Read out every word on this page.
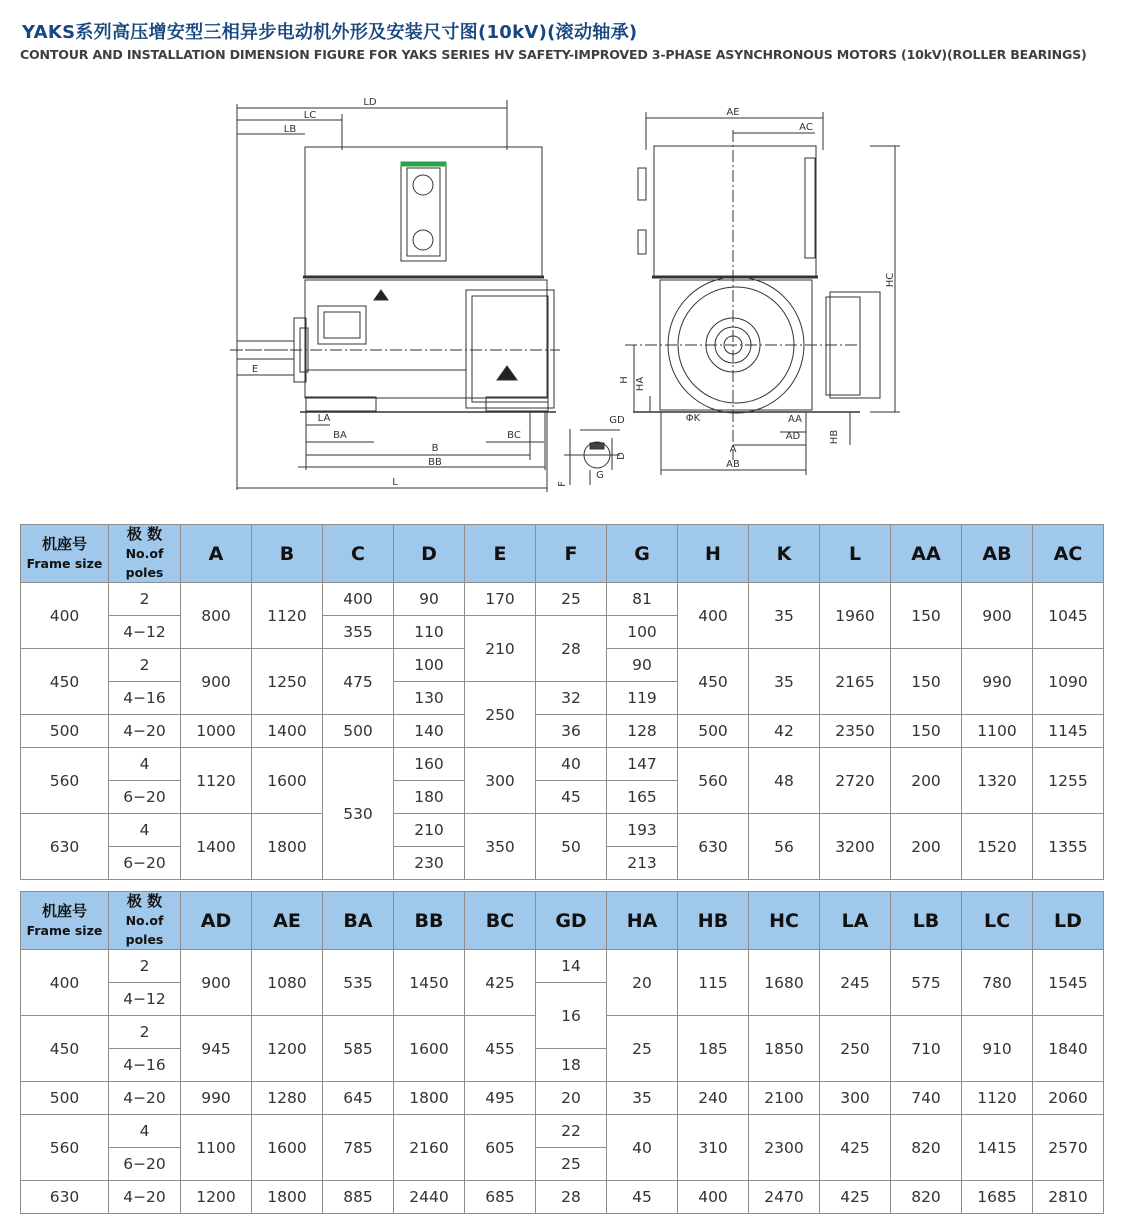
YAKS系列高压增安型三相异步电动机外形及安装尺寸图(10kV)(滚动轴承)
CONTOUR AND INSTALLATION DIMENSION FIGURE FOR YAKS SERIES HV SAFETY-IMPROVED 3-PHASE ASYNCHRONOUS MOTORS (10kV)(ROLLER BEARINGS)
LD
LC
LB
E
LA
BA
B
BB
BC
L
AE
AC
HC
H HA
ΦK	AA
AD	HB
A
AB
GD
D
G
F
机座号
Frame size	极 数
No.of poles	A	B	C	D	E	F	G	H	K	L	AA	AB	AC
400	2	800	1120	400	90	170	25	81	400	35	1960	150	900	1045
	4−12			355	110	210	28	100						
450	2	900	1250	475	100			90	450	35	2165	150	990	1090
	4−16				130	250	32	119						
500	4−20	1000	1400	500	140		36	128	500	42	2350	150	1100	1145
560	4	1120	1600	530	160	300	40	147	560	48	2720	200	1320	1255
	6−20				180		45	165						
630	4	1400	1800		210	350	50	193	630	56	3200	200	1520	1355
	6−20				230			213						
机座号
Frame size	极 数
No.of poles	AD	AE	BA	BB	BC	GD	HA	HB	HC	LA	LB	LC	LD
400	2	900	1080	535	1450	425	14	20	115	1680	245	575	780	1545
	4−12						16							
450	2	945	1200	585	1600	455		25	185	1850	250	710	910	1840
	4−16						18							
500	4−20	990	1280	645	1800	495	20	35	240	2100	300	740	1120	2060
560	4	1100	1600	785	2160	605	22	40	310	2300	425	820	1415	2570
	6−20						25							
630	4−20	1200	1800	885	2440	685	28	45	400	2470	425	820	1685	2810
